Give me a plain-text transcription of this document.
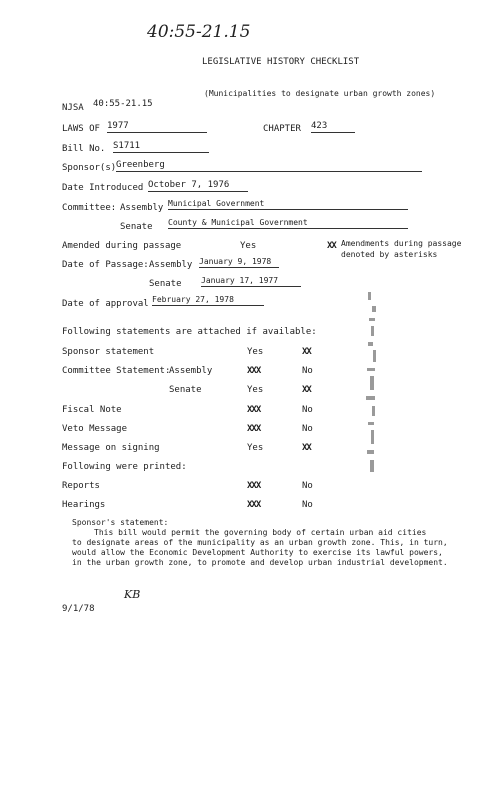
40:55-21.15
LEGISLATIVE HISTORY CHECKLIST
(Municipalities to designate urban growth zones)
NJSA 40:55-21.15
LAWS OF 1977	CHAPTER 423
Bill No. S1711
Sponsor(s) Greenberg
Date Introduced October 7, 1976
Committee: Assembly Municipal Government
Senate County & Municipal Government
Amended during passage	Yes	XX Amendments during passage
denoted by asterisks
Date of Passage: Assembly January 9, 1978
Senate January 17, 1977
Date of approval February 27, 1978
Following statements are attached if available:
Sponsor statement	Yes	XX
Committee Statement:
Assembly	XXX	No
Senate	Yes	XX
Fiscal Note	XXX	No
Veto Message	XXX	No
Message on signing	Yes	XX
Following were printed:
Reports	XXX	No
Hearings	XXX	No
Sponsor's statement:
This bill would permit the governing body of certain urban aid cities
to designate areas of the municipality as an urban growth zone. This, in turn,
would allow the Economic Development Authority to exercise its lawful powers,
in the urban growth zone, to promote and develop urban industrial development.
KB
9/1/78
